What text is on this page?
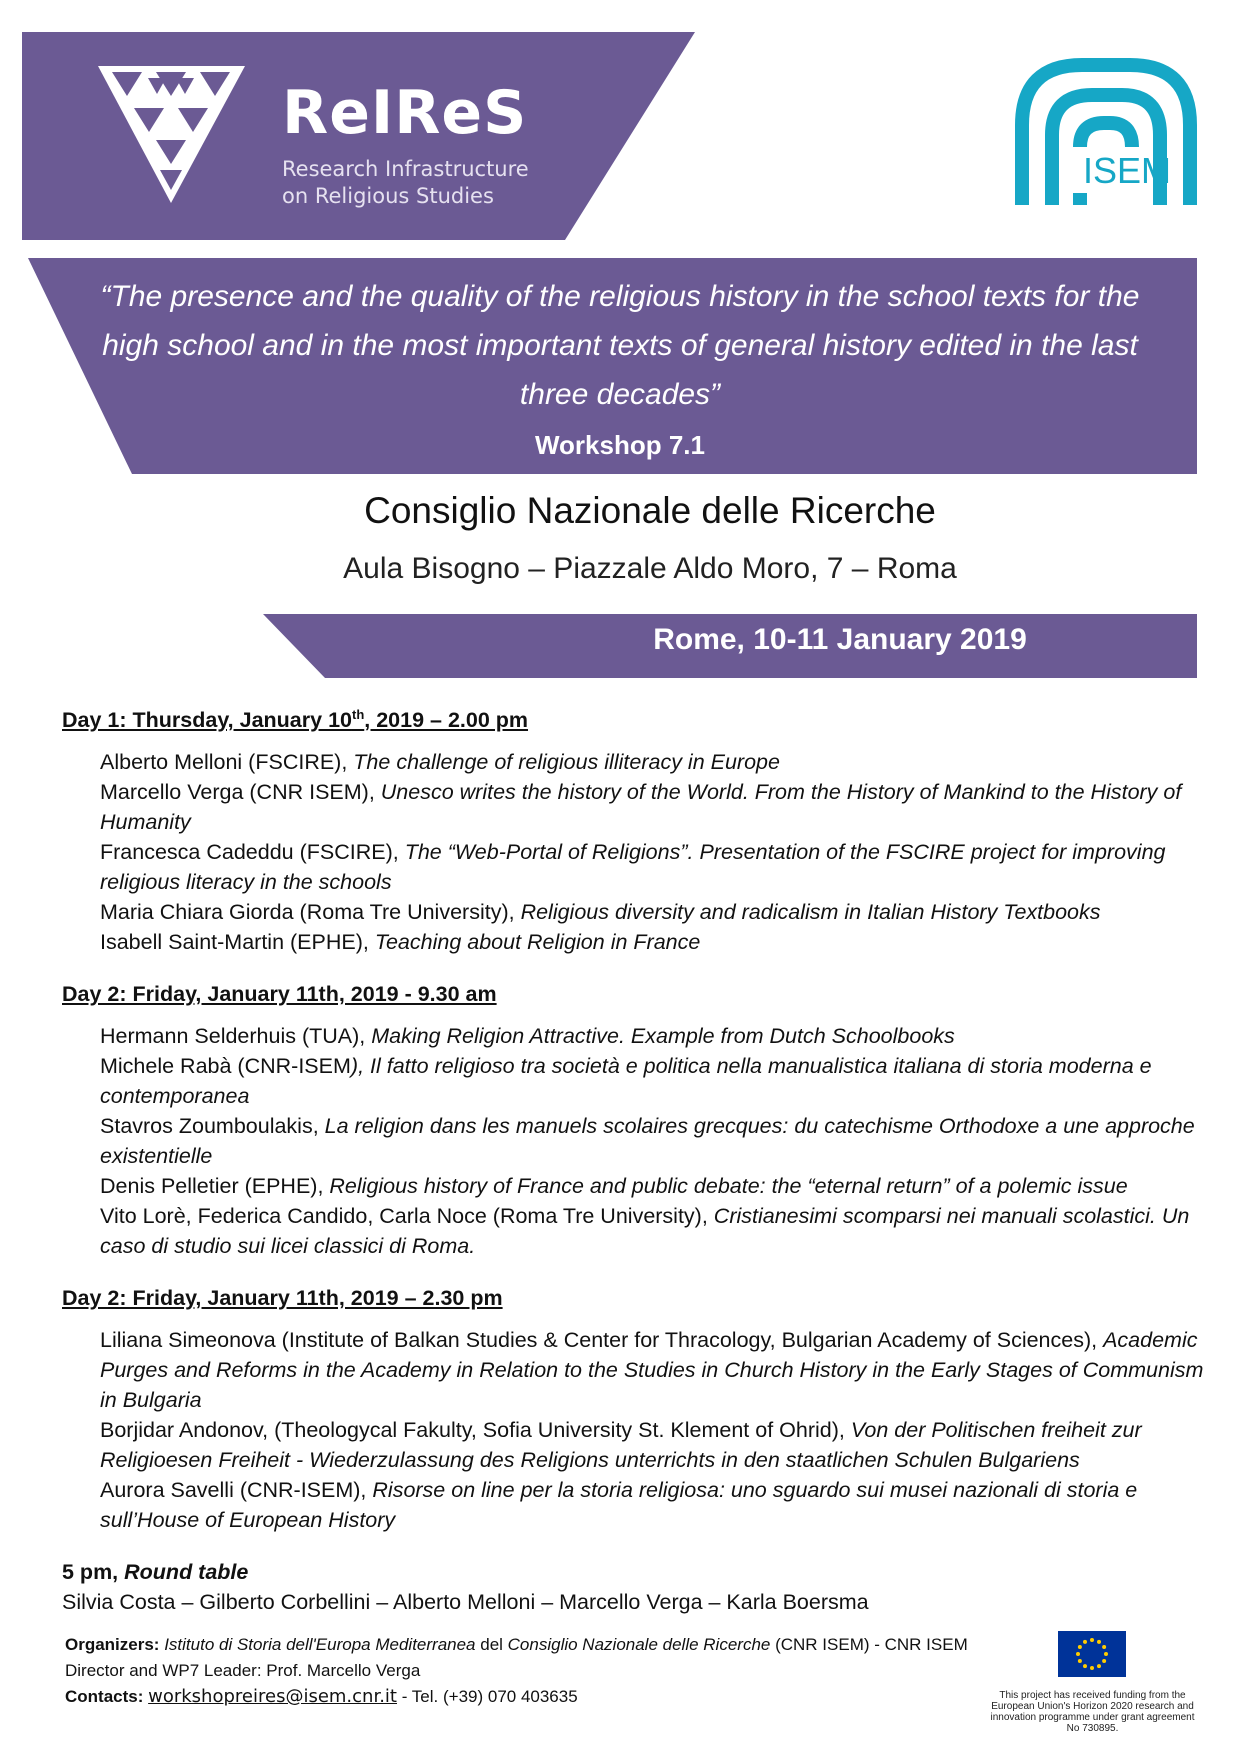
ReIReS
Research Infrastructure
on Religious Studies
ISEM
“The presence and the quality of the religious history in the school texts for the high school and in the most important texts of general history edited in the last three decades”
Workshop 7.1
Consiglio Nazionale delle Ricerche
Aula Bisogno – Piazzale Aldo Moro, 7 – Roma
Rome, 10-11 January 2019
Day 1: Thursday, January 10th, 2019 – 2.00 pm

Alberto Melloni (FSCIRE), The challenge of religious illiteracy in Europe

Marcello Verga (CNR ISEM), Unesco writes the history of the World. From the History of Mankind to the History of Humanity

Francesca Cadeddu (FSCIRE), The “Web-Portal of Religions”. Presentation of the FSCIRE project for improving religious literacy in the schools

Maria Chiara Giorda (Roma Tre University), Religious diversity and radicalism in Italian History Textbooks

Isabell Saint-Martin (EPHE), Teaching about Religion in France

Day 2: Friday, January 11th, 2019 - 9.30 am

Hermann Selderhuis (TUA), Making Religion Attractive. Example from Dutch Schoolbooks

Michele Rabà (CNR-ISEM), Il fatto religioso tra società e politica nella manualistica italiana di storia moderna e contemporanea

Stavros Zoumboulakis, La religion dans les manuels scolaires grecques: du catechisme Orthodoxe a une approche existentielle

Denis Pelletier (EPHE), Religious history of France and public debate: the “eternal return” of a polemic issue

Vito Lorè, Federica Candido, Carla Noce (Roma Tre University), Cristianesimi scomparsi nei manuali scolastici. Un caso di studio sui licei classici di Roma.

Day 2: Friday, January 11th, 2019 – 2.30 pm

Liliana Simeonova (Institute of Balkan Studies & Center for Thracology, Bulgarian Academy of Sciences), Academic Purges and Reforms in the Academy in Relation to the Studies in Church History in the Early Stages of Communism in Bulgaria

Borjidar Andonov, (Theologycal Fakulty, Sofia University St. Klement of Ohrid), Von der Politischen freiheit zur Religioesen Freiheit - Wiederzulassung des Religions unterrichts in den staatlichen Schulen Bulgariens

Aurora Savelli (CNR-ISEM), Risorse on line per la storia religiosa: uno sguardo sui musei nazionali di storia e sull’House of European History

5 pm, Round table
Silvia Costa – Gilberto Corbellini – Alberto Melloni – Marcello Verga – Karla Boersma
Organizers: Istituto di Storia dell'Europa Mediterranea del Consiglio Nazionale delle Ricerche (CNR ISEM) - CNR ISEM Director and WP7 Leader: Prof. Marcello Verga
Contacts: workshopreires@isem.cnr.it - Tel. (+39) 070 403635	This project has received funding from the European Union's Horizon 2020 research and innovation programme under grant agreement No 730895.
